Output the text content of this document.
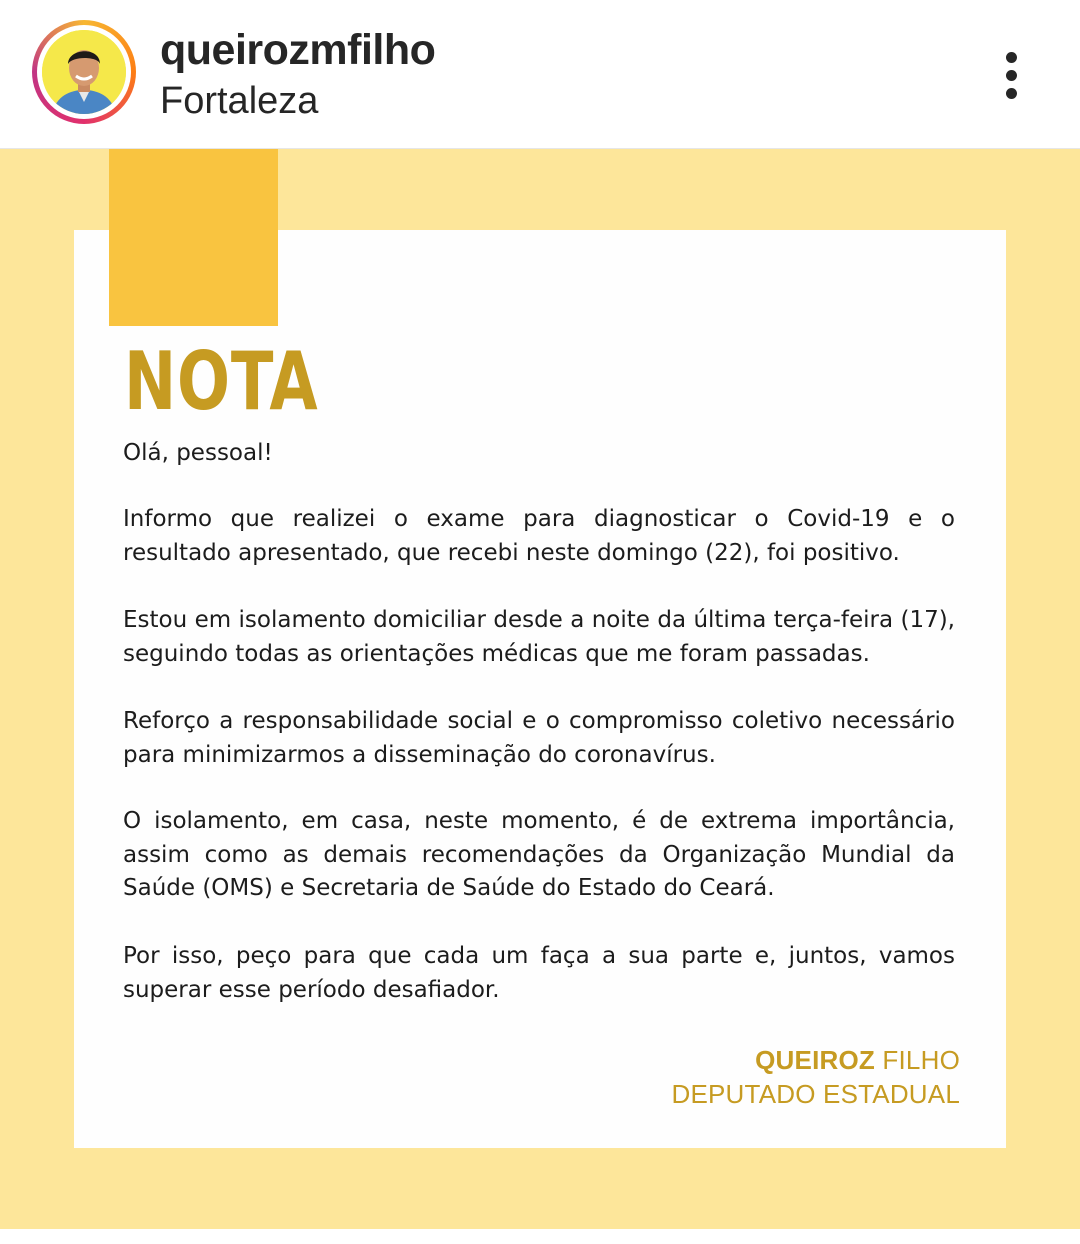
queirozmfilho
Fortaleza
NOTA

Olá, pessoal!

Informo que realizei o exame para diagnosticar o Covid-19 e o resultado apresentado, que recebi neste domingo (22), foi positivo.

Estou em isolamento domiciliar desde a noite da última terça-feira (17), seguindo todas as orientações médicas que me foram passadas.

Reforço a responsabilidade social e o compromisso coletivo necessário para minimizarmos a disseminação do coronavírus.

O isolamento, em casa, neste momento, é de extrema importância, assim como as demais recomendações da Organização Mundial da Saúde (OMS) e Secretaria de Saúde do Estado do Ceará.

Por isso, peço para que cada um faça a sua parte e, juntos, vamos superar esse período desafiador.

QUEIROZ FILHO
DEPUTADO ESTADUAL
